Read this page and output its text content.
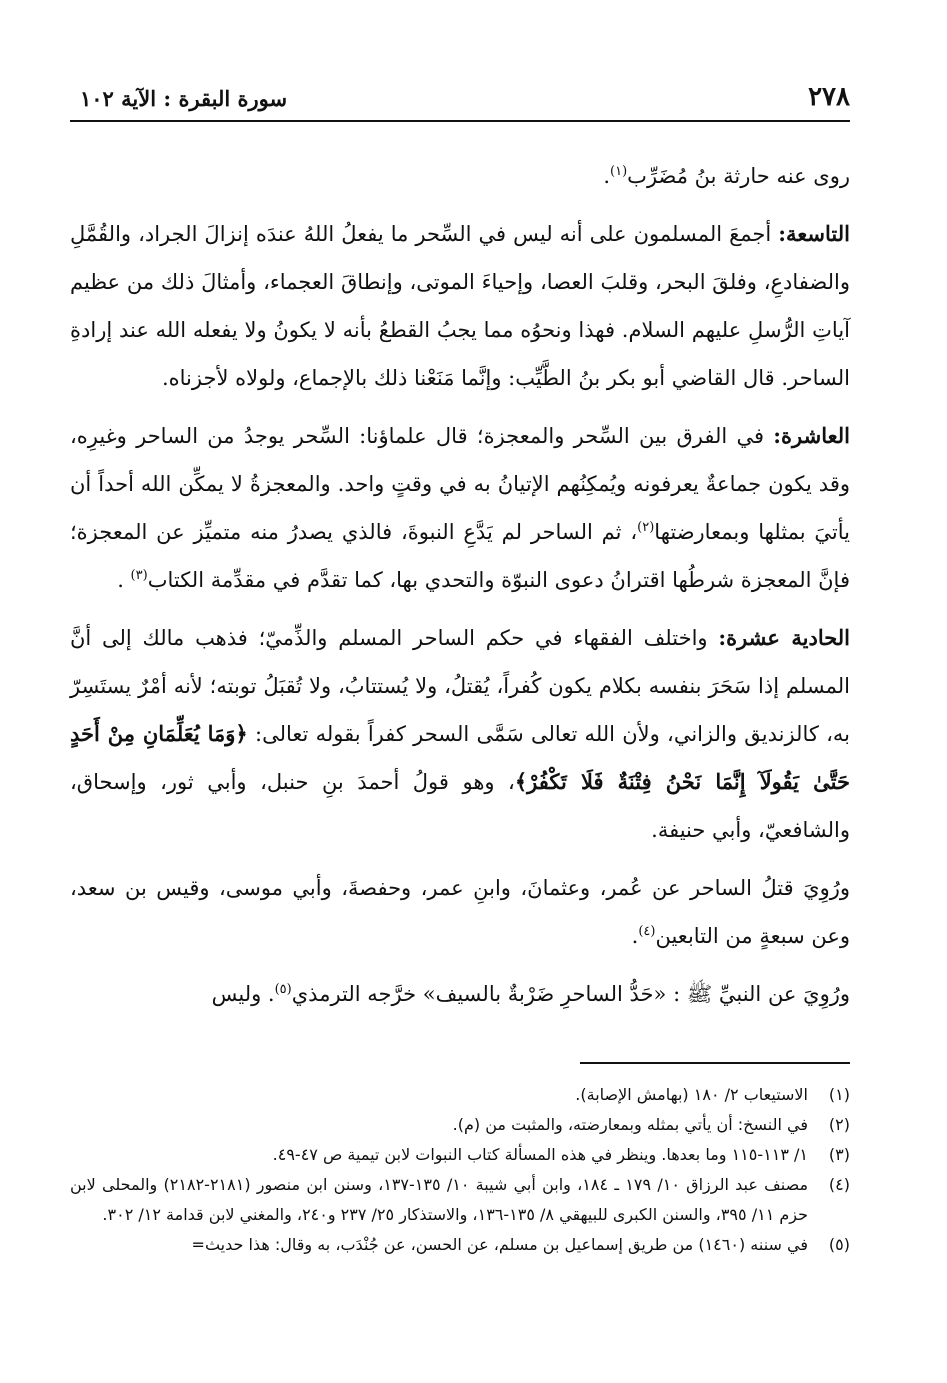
٢٧٨
سورة البقرة : الآية ١٠٢

روى عنه حارثة بنُ مُضَرِّب$^{(١)}$.

التاسعة: أجمعَ المسلمون على أنه ليس في السِّحر ما يفعلُ اللهُ عندَه إنزالَ الجراد، والقُمَّلِ والضفادعِ، وفلقَ البحر، وقلبَ العصا، وإحياءَ الموتى، وإنطاقَ العجماء، وأمثالَ ذلك من عظيم آياتِ الرُّسلِ عليهم السلام. فهذا ونحوُه مما يجبُ القطعُ بأنه لا يكونُ ولا يفعله الله عند إرادةِ الساحر. قال القاضي أبو بكر بنُ الطَّيِّب: وإنَّما مَنَعْنا ذلك بالإجماع، ولولاه لأجزناه.

العاشرة: في الفرق بين السِّحر والمعجزة؛ قال علماؤنا: السِّحر يوجدُ من الساحر وغيرِه، وقد يكون جماعةٌ يعرفونه ويُمكِنُهم الإتيانُ به في وقتٍ واحد. والمعجزةُ لا يمكِّن الله أحداً أن يأتيَ بمثلها وبمعارضتها$^{(٢)}$، ثم الساحر لم يَدَّعِ النبوةَ، فالذي يصدرُ منه متميِّز عن المعجزة؛ فإنَّ المعجزة شرطُها اقترانُ دعوى النبوّة والتحدي بها، كما تقدَّم في مقدِّمة الكتاب$^{(٣)}$ .

الحادية عشرة: واختلف الفقهاء في حكم الساحر المسلم والذِّميّ؛ فذهب مالك إلى أنَّ المسلم إذا سَحَرَ بنفسه بكلام يكون كُفراً، يُقتلُ، ولا يُستتابُ، ولا تُقبَلُ توبته؛ لأنه أمْرٌ يستَسِرّ به، كالزنديق والزاني، ولأن الله تعالى سَمَّى السحر كفراً بقوله تعالى: ﴿وَمَا يُعَلِّمَانِ مِنْ أَحَدٍ حَتَّىٰ يَقُولَآ إِنَّمَا نَحْنُ فِتْنَةٌ فَلَا تَكْفُرْ﴾، وهو قولُ أحمدَ بنِ حنبل، وأبي ثور، وإسحاق، والشافعيّ، وأبي حنيفة.

ورُوِيَ قتلُ الساحر عن عُمر، وعثمانَ، وابنِ عمر، وحفصةَ، وأبي موسى، وقيس بن سعد، وعن سبعةٍ من التابعين$^{(٤)}$.

ورُوِيَ عن النبيِّ ﷺ : «حَدُّ الساحرِ ضَرْبةٌ بالسيف» خرَّجه الترمذي$^{(٥)}$. وليس

(١)
الاستيعاب ٢/ ١٨٠ (بهامش الإصابة).

(٢)
في النسخ: أن يأتي بمثله وبمعارضته، والمثبت من (م).

(٣)
١/ ١١٣-١١٥ وما بعدها. وينظر في هذه المسألة كتاب النبوات لابن تيمية ص ٤٧-٤٩.

(٤)
مصنف عبد الرزاق ١٠/ ١٧٩ ـ ١٨٤، وابن أبي شيبة ١٠/ ١٣٥-١٣٧، وسنن ابن منصور (٢١٨١-٢١٨٢) والمحلى لابن حزم ١١/ ٣٩٥، والسنن الكبرى للبيهقي ٨/ ١٣٥-١٣٦، والاستذكار ٢٥/ ٢٣٧ و٢٤٠، والمغني لابن قدامة ١٢/ ٣٠٢.

(٥)
في سننه (١٤٦٠) من طريق إسماعيل بن مسلم، عن الحسن، عن جُنْدَب، به وقال: هذا حديث=
